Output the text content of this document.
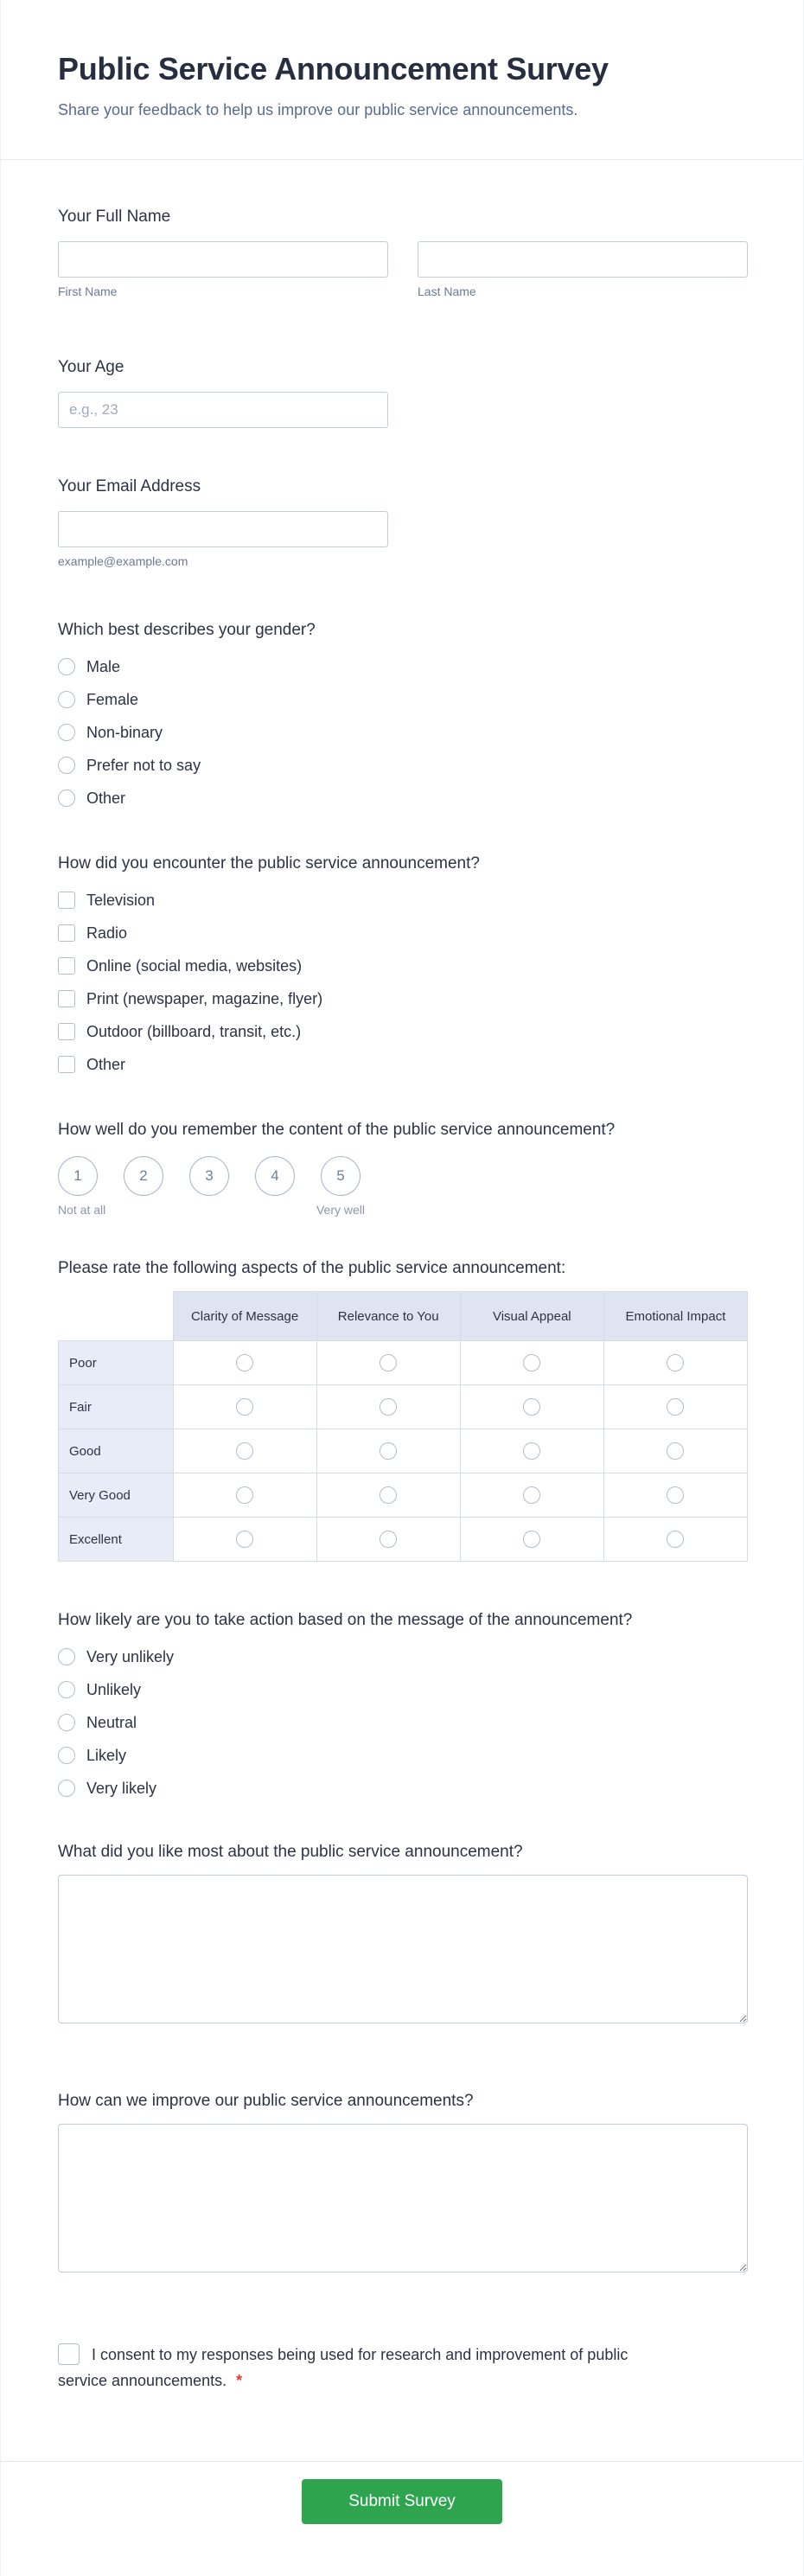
Public Service Announcement Survey
Share your feedback to help us improve our public service announcements.
Your Full Name
First Name	Last Name
Your Age
e.g., 23
Your Email Address
example@example.com
Which best describes your gender?
Male
Female
Non-binary
Prefer not to say
Other
How did you encounter the public service announcement?
Television
Radio
Online (social media, websites)
Print (newspaper, magazine, flyer)
Outdoor (billboard, transit, etc.)
Other
How well do you remember the content of the public service announcement?
1	2	3	4	5
Not at all	Very well
Please rate the following aspects of the public service announcement:
	Clarity of Message	Relevance to You	Visual Appeal	Emotional Impact
Poor	

Fair	

Good	

Very Good	

Excellent	

How likely are you to take action based on the message of the announcement?
Very unlikely
Unlikely
Neutral
Likely
Very likely
What did you like most about the public service announcement?
How can we improve our public service announcements?
I consent to my responses being used for research and improvement of public service announcements. *
Submit Survey
